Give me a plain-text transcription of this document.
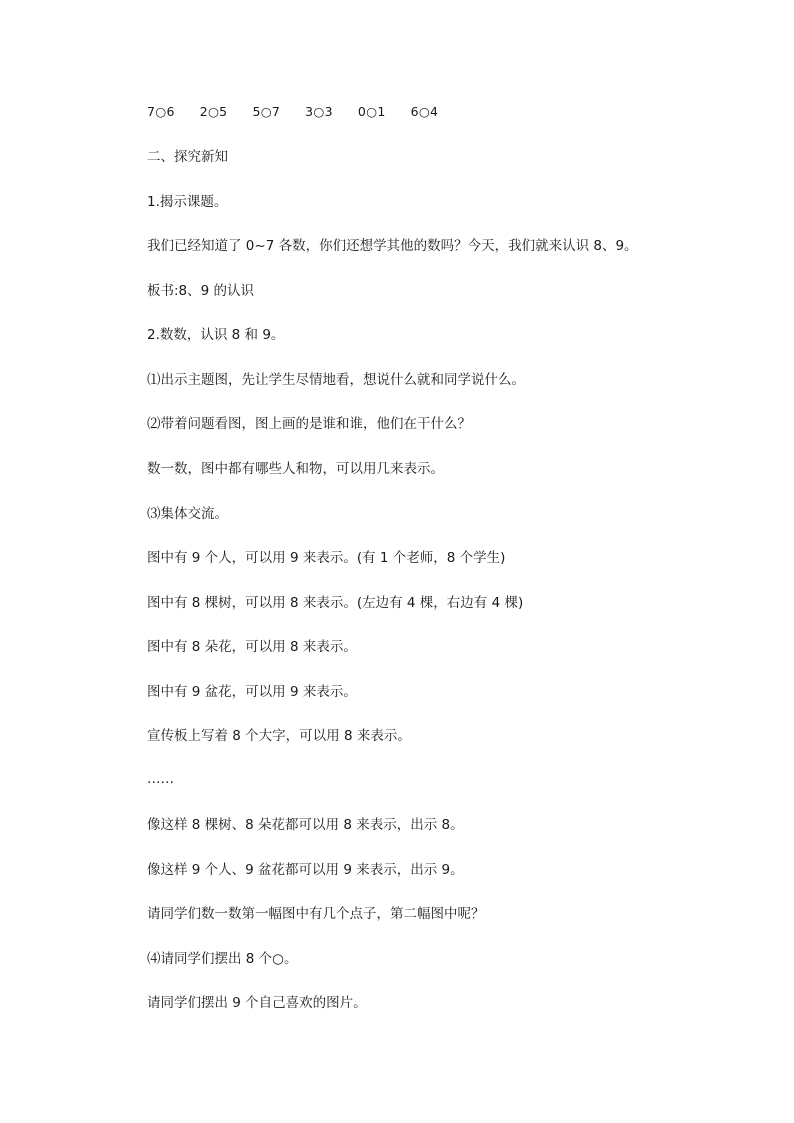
7○6 2○5 5○7 3○3 0○1 6○4
二、探究新知
1.揭示课题。
我们已经知道了 0~7 各数，你们还想学其他的数吗？今天，我们就来认识 8、9。
板书:8、9 的认识
2.数数，认识 8 和 9。
⑴出示主题图，先让学生尽情地看，想说什么就和同学说什么。
⑵带着问题看图，图上画的是谁和谁，他们在干什么？
数一数，图中都有哪些人和物，可以用几来表示。
⑶集体交流。
图中有 9 个人，可以用 9 来表示。(有 1 个老师，8 个学生)
图中有 8 棵树，可以用 8 来表示。(左边有 4 棵，右边有 4 棵)
图中有 8 朵花，可以用 8 来表示。
图中有 9 盆花，可以用 9 来表示。
宣传板上写着 8 个大字，可以用 8 来表示。
……
像这样 8 棵树、8 朵花都可以用 8 来表示，出示 8。
像这样 9 个人、9 盆花都可以用 9 来表示，出示 9。
请同学们数一数第一幅图中有几个点子，第二幅图中呢？
⑷请同学们摆出 8 个○。
请同学们摆出 9 个自己喜欢的图片。
